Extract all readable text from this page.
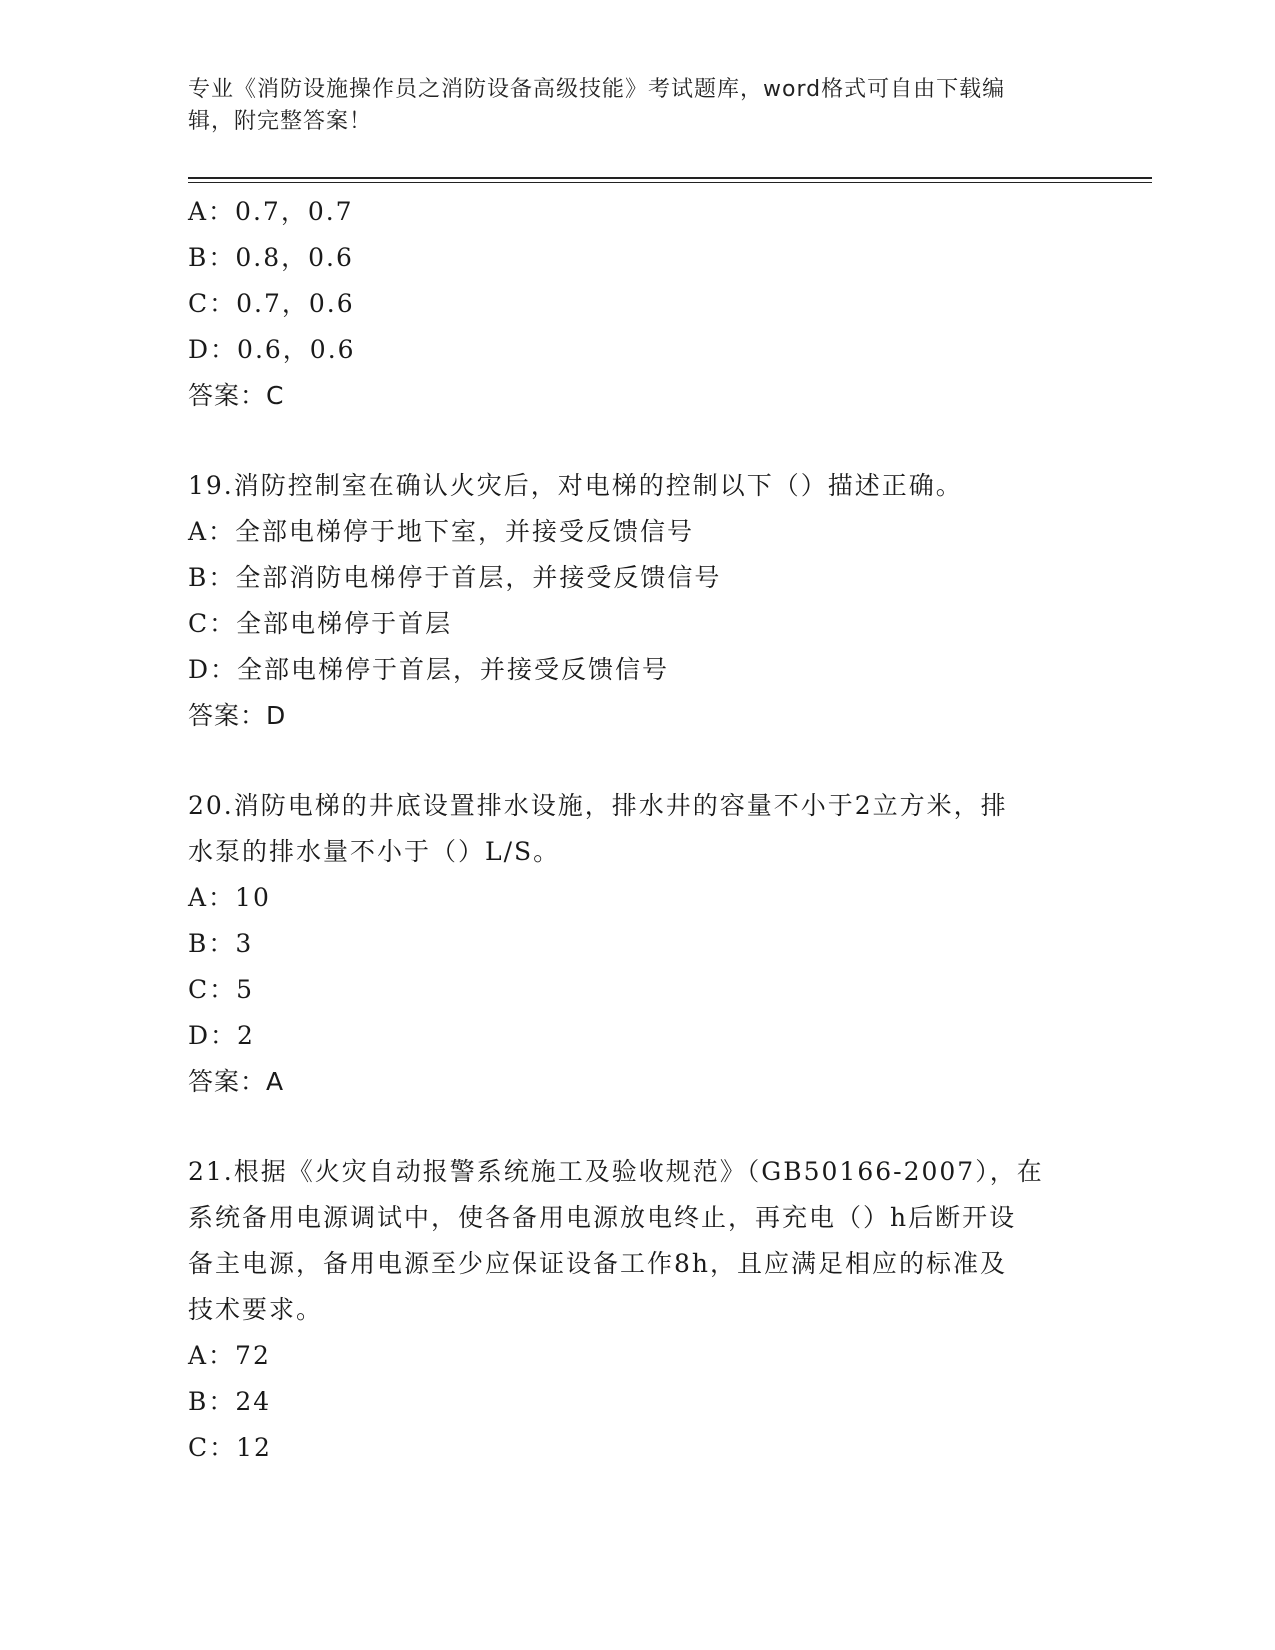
专业《消防设施操作员之消防设备高级技能》考试题库，word格式可自由下载编
辑，附完整答案！
A：0.7，0.7
B：0.8，0.6
C：0.7，0.6
D：0.6，0.6
答案：C
19.消防控制室在确认火灾后，对电梯的控制以下（）描述正确。
A：全部电梯停于地下室，并接受反馈信号
B：全部消防电梯停于首层，并接受反馈信号
C：全部电梯停于首层
D：全部电梯停于首层，并接受反馈信号
答案：D
20.消防电梯的井底设置排水设施，排水井的容量不小于2立方米，排
水泵的排水量不小于（）L/S。
A：10
B：3
C：5
D：2
答案：A
21.根据《火灾自动报警系统施工及验收规范》（GB50166-2007），在
系统备用电源调试中，使各备用电源放电终止，再充电（）h后断开设
备主电源，备用电源至少应保证设备工作8h，且应满足相应的标准及
技术要求。
A：72
B：24
C：12
